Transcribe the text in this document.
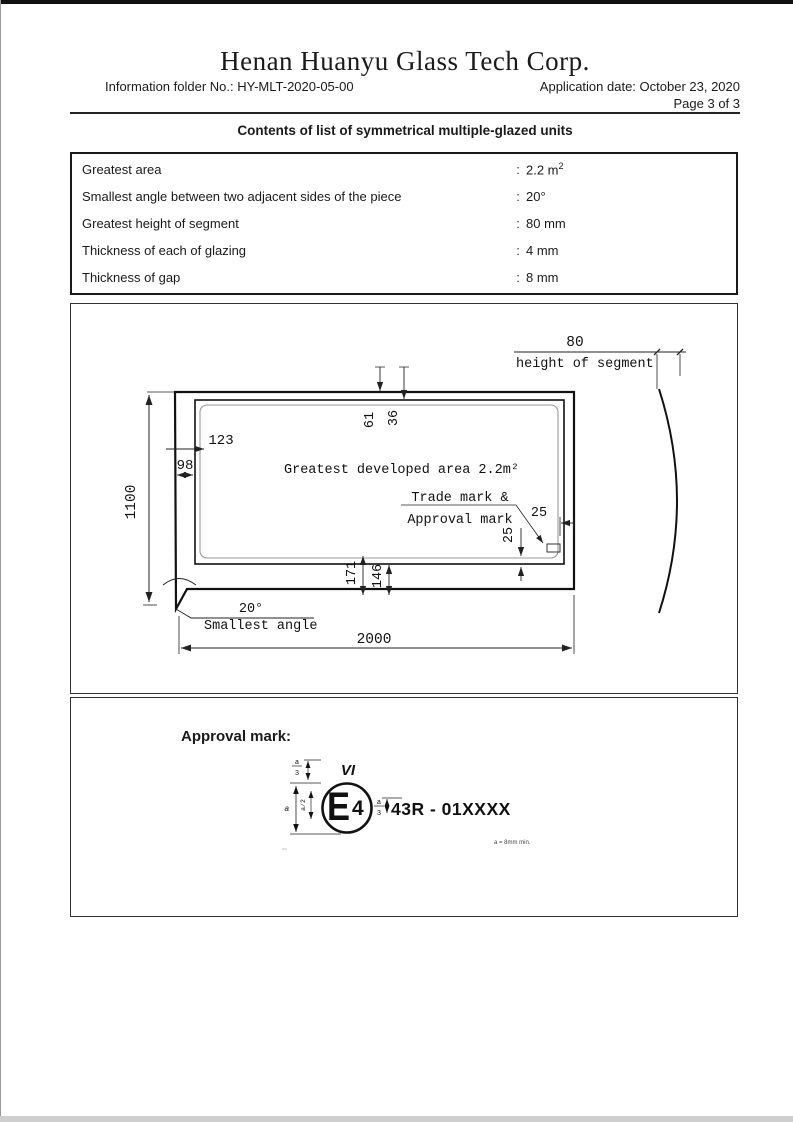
Henan Huanyu Glass Tech Corp.
Information folder No.: HY-MLT-2020-05-00	Application date: October 23, 2020
Page 3 of 3
Contents of list of symmetrical multiple-glazed units
Greatest area	: 2.2 $m^2$
Smallest angle between two adjacent sides of the piece	: 20°
Greatest height of segment	: 80 mm
Thickness of each of glazing	: 4 mm
Thickness of gap	: 8 mm
1100
2000
20°
Smallest angle
80
height of segment
61 36
171 146
123
98	Greatest developed area 2.2m²
Trade mark &
Approval mark 25
25
Approval mark:
VI
E 4 43R - 01XXXX
a
3
a
3
a a/2
a = 8mm min.
